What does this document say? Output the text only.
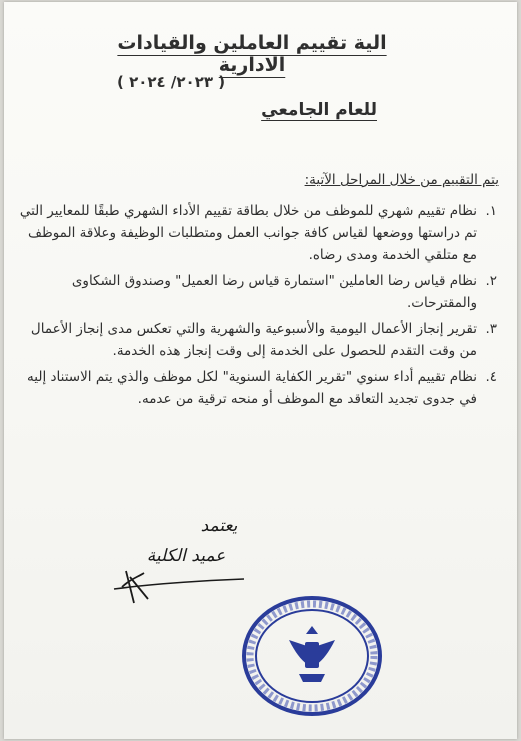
الية تقييم العاملين والقيادات الادارية
( ٢٠٢٣/ ٢٠٢٤ )
للعام الجامعي
يتم التقييم من خلال المراحل الآتية:
١.
نظام تقييم شهري للموظف من خلال بطاقة تقييم الأداء الشهري طبقًا للمعايير التي تم دراستها ووضعها لقياس كافة جوانب العمل ومتطلبات الوظيفة وعلاقة الموظف مع متلقي الخدمة ومدى رضاه.
٢.
نظام قياس رضا العاملين "استمارة قياس رضا العميل" وصندوق الشكاوى والمقترحات.
٣.
تقرير إنجاز الأعمال اليومية والأسبوعية والشهرية والتي تعكس مدى إنجاز الأعمال من وقت التقدم للحصول على الخدمة إلى وقت إنجاز هذه الخدمة.
٤.
نظام تقييم أداء سنوي "تقرير الكفاية السنوية" لكل موظف والذي يتم الاستناد إليه في جدوى تجديد التعاقد مع الموظف أو منحه ترقية من عدمه.
يعتمد
عميد الكلية
